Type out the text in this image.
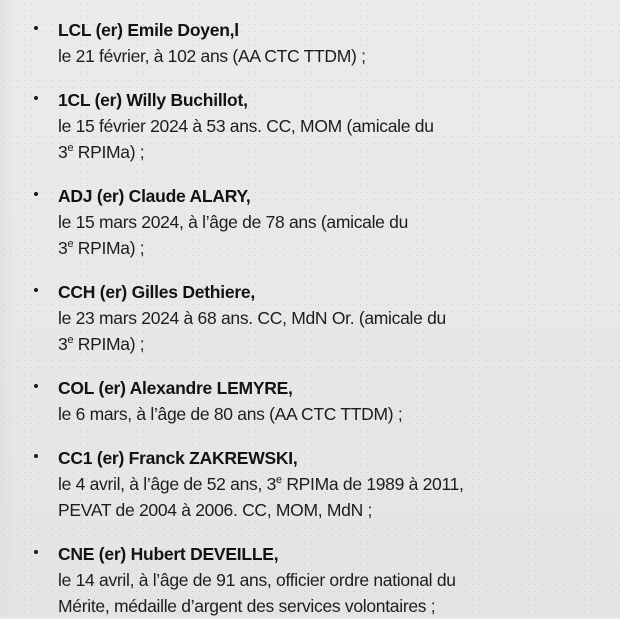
LCL (er) Emile Doyen,l
le 21 février, à 102 ans (AA CTC TTDM) ;
1CL (er) Willy Buchillot,
le 15 février 2024 à 53 ans. CC, MOM (amicale du
3e RPIMa) ;
ADJ (er) Claude ALARY,
le 15 mars 2024, à l’âge de 78 ans (amicale du
3e RPIMa) ;
CCH (er) Gilles Dethiere,
le 23 mars 2024 à 68 ans. CC, MdN Or. (amicale du
3e RPIMa) ;
COL (er) Alexandre LEMYRE,
le 6 mars, à l’âge de 80 ans (AA CTC TTDM) ;
CC1 (er) Franck ZAKREWSKI,
le 4 avril, à l’âge de 52 ans, 3e RPIMa de 1989 à 2011,
PEVAT de 2004 à 2006. CC, MOM, MdN ;
CNE (er) Hubert DEVEILLE,
le 14 avril, à l’âge de 91 ans, officier ordre national du
Mérite, médaille d’argent des services volontaires ;
